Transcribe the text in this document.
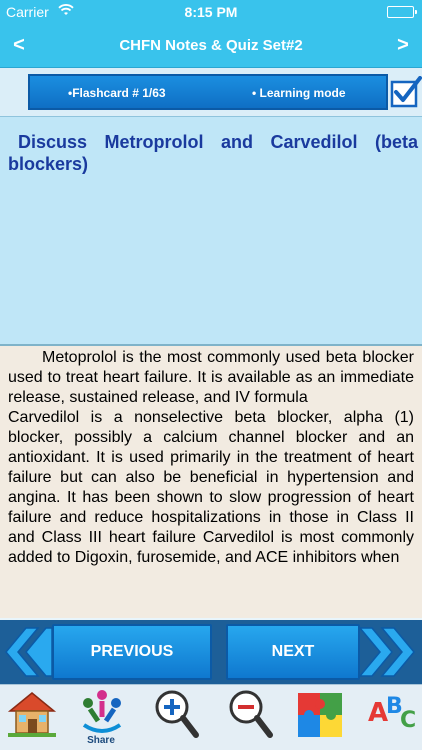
Carrier	8:15 PM
<	CHFN Notes & Quiz Set#2	>
•Flashcard # 1/63	• Learning mode
Discuss Metroprolol and Carvedilol (beta blockers)

Metoprolol is the most commonly used beta blocker used to treat heart failure. It is available as an immediate release, sustained release, and IV formula

Carvedilol is a nonselective beta blocker, alpha (1) blocker, possibly a calcium channel blocker and an antioxidant. It is used primarily in the treatment of heart failure but can also be beneficial in hypertension and angina. It has been shown to slow progression of heart failure and reduce hospitalizations in those in Class II and Class III heart failure Carvedilol is most commonly added to Digoxin, furosemide, and ACE inhibitors when

PREVIOUS	NEXT
Share
A
B
C
